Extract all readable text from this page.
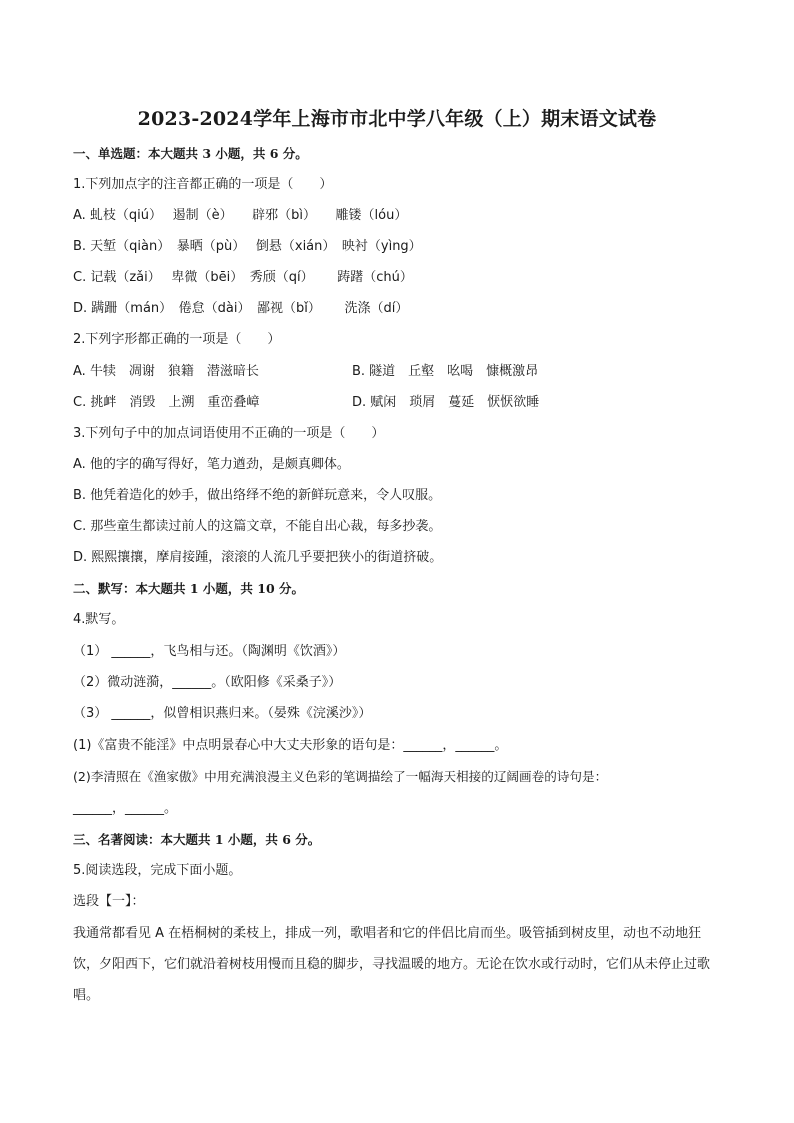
2023-2024学年上海市市北中学八年级（上）期末语文试卷
一、单选题：本大题共 3 小题，共 6 分。
1.下列加点字的注音都正确的一项是（　　）
A. 虬枝（qiú）　 遏制（è）　　辟邪（bì）　　雕镂（lóu）
B. 天堑（qiàn）　暴晒（pù）　 倒悬（xián）　映衬（yìng）
C. 记载（zǎi）　 卑微（bēi）　秀颀（qí）　　 踌躇（chú）
D. 蹒跚（mán）　倦怠（dài）　鄙视（bǐ）　　 洗涤（dí）
2.下列字形都正确的一项是（　　）
A. 牛犊　凋谢　狼籍　潜滋暗长	B. 隧道　丘壑　吆喝　慷概激昂
C. 挑衅　消毁　上溯　重峦叠嶂	D. 赋闲　琐屑　蔓延　恹恹欲睡
3.下列句子中的加点词语使用不正确的一项是（　　）
A. 他的字的确写得好，笔力遒劲，是颇真卿体。
B. 他凭着造化的妙手，做出络绎不绝的新鲜玩意来，令人叹服。
C. 那些童生都读过前人的这篇文章，不能自出心裁，每多抄袭。
D. 熙熙攘攘，摩肩接踵，滚滚的人流几乎要把狭小的街道挤破。
二、默写：本大题共 1 小题，共 10 分。
4.默写。
（1） ______，飞鸟相与还。（陶渊明《饮酒》）
（2）微动涟漪，______。（欧阳修《采桑子》）
（3） ______，似曾相识燕归来。（晏殊《浣溪沙》）
(1)《富贵不能淫》中点明景春心中大丈夫形象的语句是：______，______。
(2)李清照在《渔家傲》中用充满浪漫主义色彩的笔调描绘了一幅海天相接的辽阔画卷的诗句是：
______，______。
三、名著阅读：本大题共 1 小题，共 6 分。
5.阅读选段，完成下面小题。
选段【一】：
我通常都看见 A 在梧桐树的柔枝上，排成一列，歌唱者和它的伴侣比肩而坐。吸管插到树皮里，动也不动地狂饮，夕阳西下，它们就沿着树枝用慢而且稳的脚步，寻找温暖的地方。无论在饮水或行动时，它们从未停止过歌唱。
